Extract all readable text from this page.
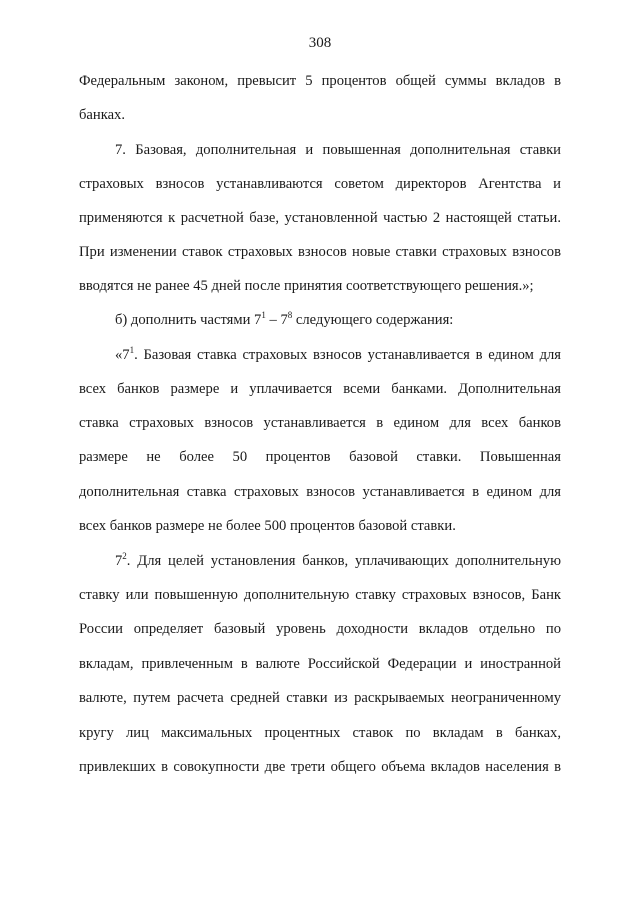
308
Федеральным законом, превысит 5 процентов общей суммы вкладов в
банках.
7. Базовая, дополнительная и повышенная дополнительная ставки
страховых взносов устанавливаются советом директоров Агентства и
применяются к расчетной базе, установленной частью 2 настоящей статьи.
При изменении ставок страховых взносов новые ставки страховых взносов
вводятся не ранее 45 дней после принятия соответствующего решения.»;
б) дополнить частями $7^1 - 7^8$ следующего содержания:
«$7^1$. Базовая ставка страховых взносов устанавливается в едином для
всех банков размере и уплачивается всеми банками. Дополнительная
ставка страховых взносов устанавливается в едином для всех банков
размере не более 50 процентов базовой ставки. Повышенная
дополнительная ставка страховых взносов устанавливается в едином для
всех банков размере не более 500 процентов базовой ставки.
$7^2$. Для целей установления банков, уплачивающих дополнительную
ставку или повышенную дополнительную ставку страховых взносов, Банк
России определяет базовый уровень доходности вкладов отдельно по
вкладам, привлеченным в валюте Российской Федерации и иностранной
валюте, путем расчета средней ставки из раскрываемых неограниченному
кругу лиц максимальных процентных ставок по вкладам в банках,
привлекших в совокупности две трети общего объема вкладов населения в
